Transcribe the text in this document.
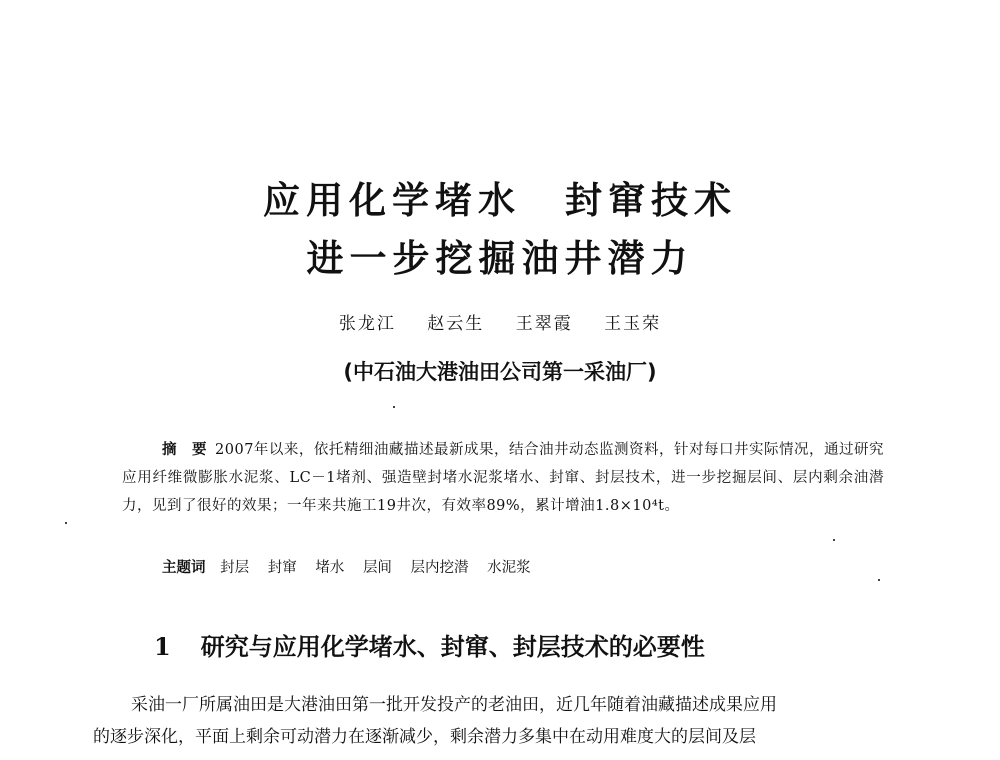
应用化学堵水 封窜技术
进一步挖掘油井潜力
张龙江 赵云生 王翠霞 王玉荣
(中石油大港油田公司第一采油厂)
摘　要 2007年以来，依托精细油藏描述最新成果，结合油井动态监测资料，针对每口井实际情况，通过研究应用纤维微膨胀水泥浆、LC－1堵剂、强造壁封堵水泥浆堵水、封窜、封层技术，进一步挖掘层间、层内剩余油潜力，见到了很好的效果；一年来共施工19井次，有效率89%，累计增油1.8×10⁴t。
主题词 封层 封窜 堵水 层间 层内挖潜 水泥浆
1 研究与应用化学堵水、封窜、封层技术的必要性
采油一厂所属油田是大港油田第一批开发投产的老油田，近几年随着油藏描述成果应用
的逐步深化，平面上剩余可动潜力在逐渐减少，剩余潜力多集中在动用难度大的层间及层
